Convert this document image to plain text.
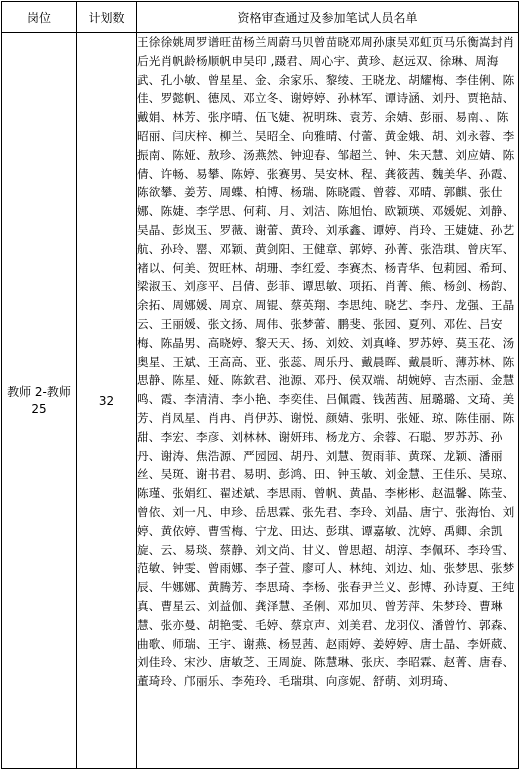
岗位	计划数	资格审查通过及参加笔试人员名单
教师 2-教师 25	32	王徐徐姚周罗谱旺苗杨兰周蔚马贝曾苗晓邓周孙康吴邓虹页马乐衡嵩封肖后光肖帆龄杨顺帆申吴印 ,蹑君、周心宇、黄珍、赵远双、徐琳、周海武、孔小敏、曾星星、金、余家乐、黎绫、王晓龙、胡耀梅、李佳俐、陈佳、罗懿帆、德凤、邓立冬、谢婷婷、孙林军、谭诗涵、刘丹、贾艳喆、戴娟、林芳、张序晴、伍飞婕、祝明珠、袁芳、余婧、彭丽、易南、、陈昭丽、闫庆梓、柳兰、吴昭全、向雅晴、付蕾、黄金娥、胡、刘永蓉、李振南、陈娅、敖珍、汤燕然、钟迎春、邹超兰、钟、朱天慧、刘应婧、陈倩、许畅、易攀、陈婷、张赛男、吴安林、程、龚筱茜、魏美华、孙霞、陈欲攀、姜芳、周蝶、柏博、杨瑞、陈晓霞、曾蓉、邓晴、郭麒、张仕娜、陈婕、李学思、何莉、月、刘洁、陈旭怡、欧颖瑛、邓媛妮、刘静、吴晶、彭岚玉、罗薇、谢蕾、黄玲、刘承鑫、谭婷、肖玲、王婕婕、孙艺航、孙玲、罂、邓颖、黄剑阳、王健章、郭婷、孙菁、张浩琪、曾庆军、褚以、何美、贺旺林、胡珊、李红爱、李赛杰、杨青华、包莉园、希珂、梁淑玉、刘彦平、吕倩、彭菲、谭思敏、项拓、肖菁、熊、杨剑、杨韵、余拓、周娜媛、周京、周锟、蔡英翔、李思纯、晓艺、李丹、龙强、王晶云、王丽媛、张文扬、周伟、张梦蕾、鹏斐、张园、夏列、邓佐、吕安梅、陈晶男、高晓婷、黎天天、扬、刘姣、刘真峰、罗苏婷、莫玉花、汤奥星、王斌、王高高、亚、张蕊、周乐丹、戴晨晖、戴晨昕、薄苏林、陈思静、陈星、娅、陈欽君、池源、邓丹、侯双端、胡婉婷、吉杰丽、金慧鸣、霞、李清清、李小艳、李奕佳、吕佩霞、钱茜茜、屈璐璐、文琦、美芳、肖凤星、肖冉、肖伊苏、谢悦、颜婧、张明、张娅、琼、陈佳丽、陈甜、李宏、李彦、刘林林、谢妍玮、杨龙方、余蓉、石聪、罗苏苏、孙丹、谢涛、焦浩源、严园园、胡丹、刘慧、贺雨菲、黄琛、龙颖、潘丽丝、吴斑、谢书君、易明、彭鸿、田、钟玉敏、刘金慧、王佳乐、吴琼、陈瑾、张娟红、翟述斌、李思雨、曾帆、黄晶、李彬彬、赵温馨、陈莹、曾依、刘一凡、申珍、岳思霖、张先君、李玲、刘晶、唐宁、张海怡、刘婷、黄依婷、曹雪梅、宁龙、田达、彭琪、谭嘉敏、沈婷、禹卿、余凯旋、云、易琰、蔡静、刘文尚、甘义、曾思超、胡淳、李佩环、李玲雪、范敏、钟雯、曾雨娜、李子萱、廖可人、林纯、刘边、灿、张梦思、张梦辰、牛娜娜、黄腾芳、李思琦、李杨、张春尹兰义、彭博、孙诗夏、王纯真、曹星云、刘益伽、龚泽慧、圣俐、邓加贝、曾芳萍、朱梦玲、曹琳慧、张亦曼、胡艳雯、毛婷、蔡京声、刘美君、龙羽仪、潘曾竹、郭森、曲歌、师瑞、王宇、谢燕、杨昱茜、赵雨婷、姜婷婷、唐士晶、李妍葳、刘佳玲、宋沙、唐敏芝、王周旋、陈慧琳、张庆、李昭霖、赵菁、唐春、董琦玲、邝丽乐、李苑玲、毛瑞琪、向彦妮、舒萌、刘玥琦、
